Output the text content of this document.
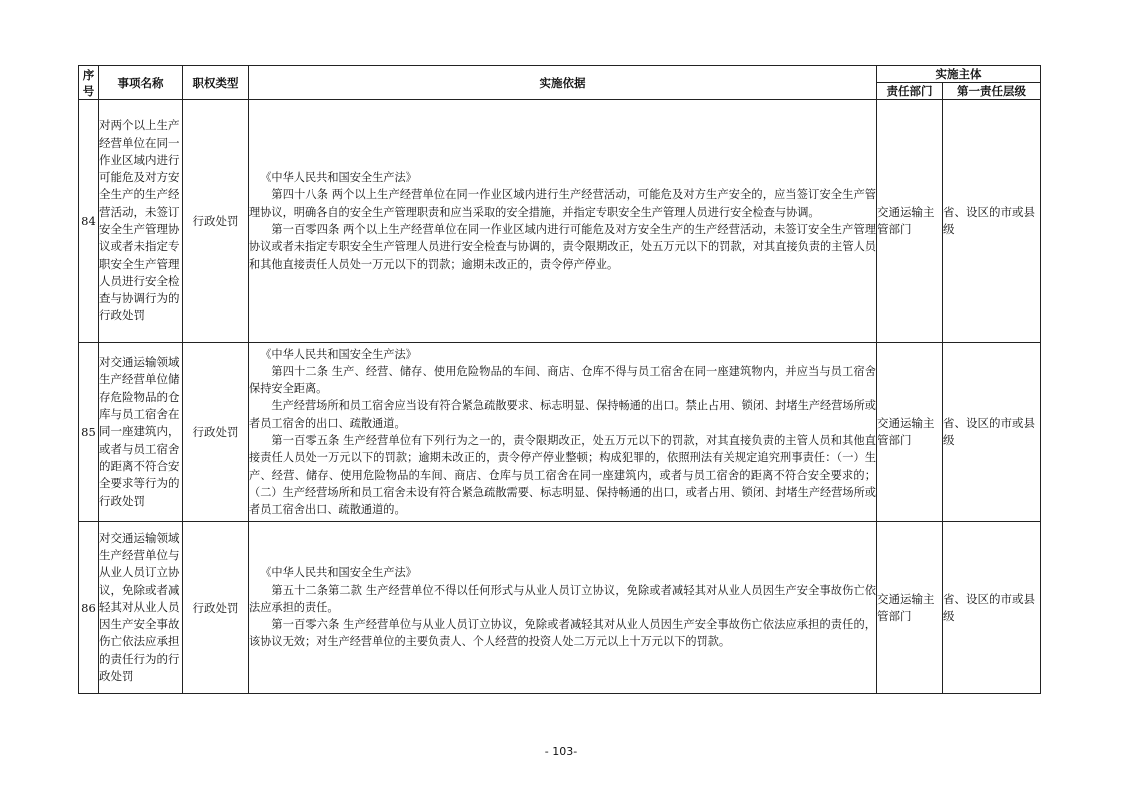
序号	事项名称	职权类型	实施依据	实施主体	
				责任部门	第一责任层级
84	对两个以上生产经营单位在同一作业区域内进行可能危及对方安全生产的生产经营活动，未签订安全生产管理协议或者未指定专职安全生产管理人员进行安全检查与协调行为的行政处罚	行政处罚	《中华人民共和国安全生产法》

第四十八条 两个以上生产经营单位在同一作业区域内进行生产经营活动，可能危及对方生产安全的，应当签订安全生产管理协议，明确各自的安全生产管理职责和应当采取的安全措施，并指定专职安全生产管理人员进行安全检查与协调。

第一百零四条 两个以上生产经营单位在同一作业区域内进行可能危及对方安全生产的生产经营活动，未签订安全生产管理协议或者未指定专职安全生产管理人员进行安全检查与协调的，责令限期改正，处五万元以下的罚款，对其直接负责的主管人员和其他直接责任人员处一万元以下的罚款；逾期未改正的，责令停产停业。	交通运输主管部门	省、设区的市或县级
85	对交通运输领域生产经营单位储存危险物品的仓库与员工宿舍在同一座建筑内，或者与员工宿舍的距离不符合安全要求等行为的行政处罚	行政处罚	《中华人民共和国安全生产法》

第四十二条 生产、经营、储存、使用危险物品的车间、商店、仓库不得与员工宿舍在同一座建筑物内，并应当与员工宿舍保持安全距离。

生产经营场所和员工宿舍应当设有符合紧急疏散要求、标志明显、保持畅通的出口。禁止占用、锁闭、封堵生产经营场所或者员工宿舍的出口、疏散通道。

第一百零五条 生产经营单位有下列行为之一的，责令限期改正，处五万元以下的罚款，对其直接负责的主管人员和其他直接责任人员处一万元以下的罚款；逾期未改正的，责令停产停业整顿；构成犯罪的，依照刑法有关规定追究刑事责任：（一）生产、经营、储存、使用危险物品的车间、商店、仓库与员工宿舍在同一座建筑内，或者与员工宿舍的距离不符合安全要求的；（二）生产经营场所和员工宿舍未设有符合紧急疏散需要、标志明显、保持畅通的出口，或者占用、锁闭、封堵生产经营场所或者员工宿舍出口、疏散通道的。	交通运输主管部门	省、设区的市或县级
86	对交通运输领域生产经营单位与从业人员订立协议，免除或者减轻其对从业人员因生产安全事故伤亡依法应承担的责任行为的行政处罚	行政处罚	《中华人民共和国安全生产法》

第五十二条第二款 生产经营单位不得以任何形式与从业人员订立协议，免除或者减轻其对从业人员因生产安全事故伤亡依法应承担的责任。

第一百零六条 生产经营单位与从业人员订立协议，免除或者减轻其对从业人员因生产安全事故伤亡依法应承担的责任的，该协议无效；对生产经营单位的主要负责人、个人经营的投资人处二万元以上十万元以下的罚款。	交通运输主管部门	省、设区的市或县级
- 103-
